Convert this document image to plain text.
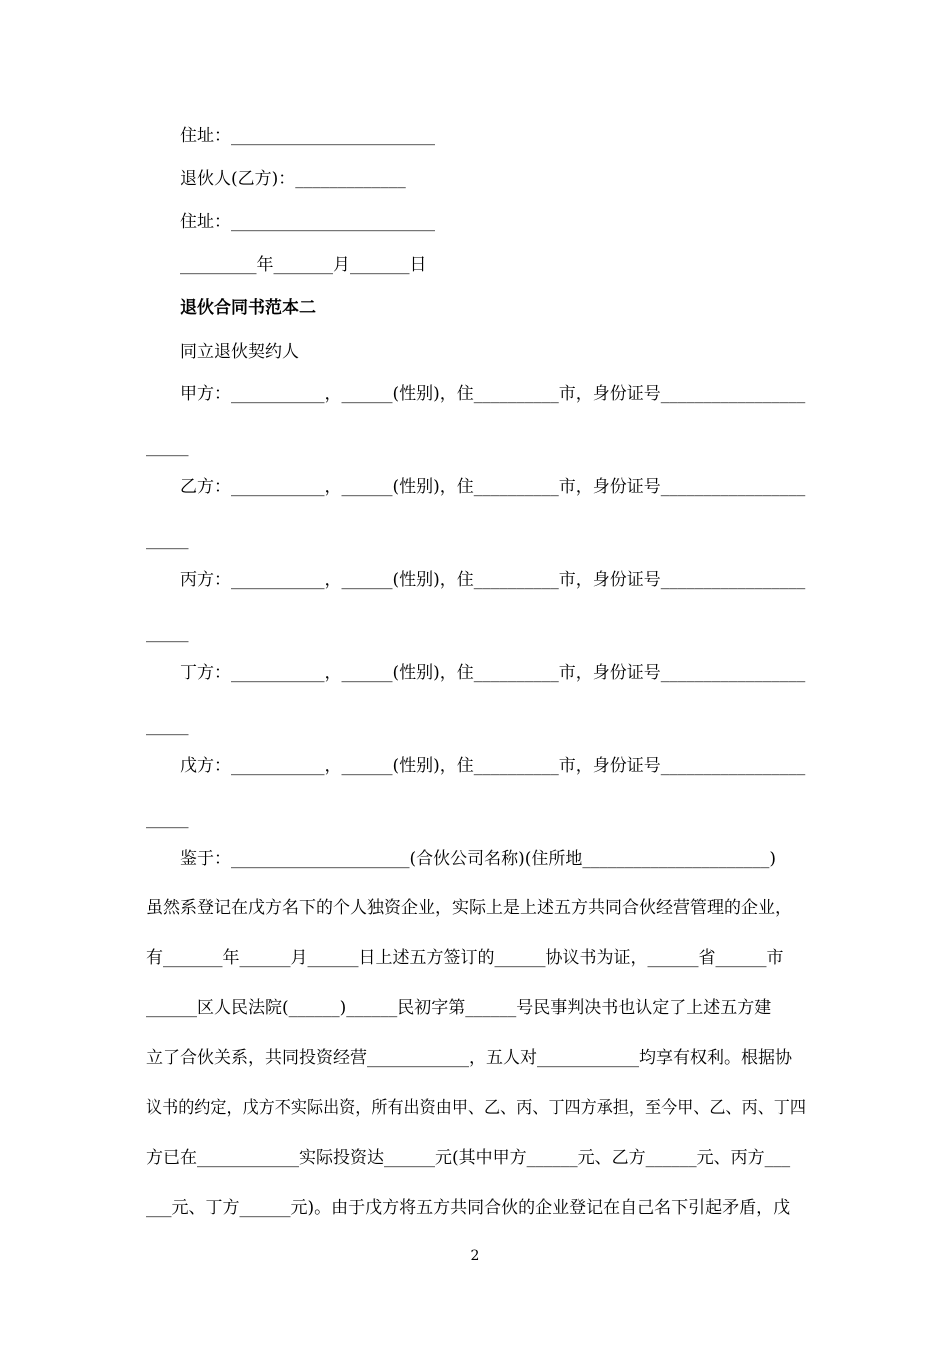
住址：________________________
退伙人(乙方)：_____________
住址：________________________
_________年_______月_______日
退伙合同书范本二
同立退伙契约人
甲方：___________，______(性别)，住__________市，身份证号_________________
_____
乙方：___________，______(性别)，住__________市，身份证号_________________
_____
丙方：___________，______(性别)，住__________市，身份证号_________________
_____
丁方：___________，______(性别)，住__________市，身份证号_________________
_____
戊方：___________，______(性别)，住__________市，身份证号_________________
_____
鉴于：_____________________(合伙公司名称)(住所地______________________)
虽然系登记在戊方名下的个人独资企业，实际上是上述五方共同合伙经营管理的企业，
有_______年______月______日上述五方签订的______协议书为证，______省______市
______区人民法院(______)______民初字第______号民事判决书也认定了上述五方建
立了合伙关系，共同投资经营____________，五人对____________均享有权利。根据协
议书的约定，戊方不实际出资，所有出资由甲、乙、丙、丁四方承担，至今甲、乙、丙、丁四
方已在____________实际投资达______元(其中甲方______元、乙方______元、丙方___
___元、丁方______元)。由于戊方将五方共同合伙的企业登记在自己名下引起矛盾，戊
2
